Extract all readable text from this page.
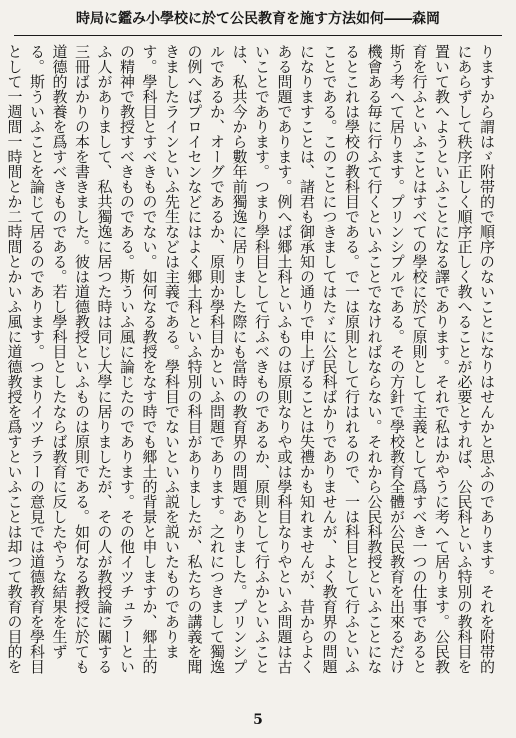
時局に鑑み小學校に於て公民教育を施す方法如何――森岡

りますから謂はゞ附帯的で順序のないことになりはせんかと思ふのであります。それを附帯的にあらずして秩序正しく順序正しく教へることが必要とすれば、公民科といふ特別の教科目を置いて教へようといふことになる譯であります。それで私はかやうに考へて居ります。公民教育を行ふといふことはすべての學校に於て原則として主義として爲すべき一つの仕事であると斯う考へて居ります。プリンシプルである。その方針で學校教育全體が公民教育を出來るだけ機會ある毎に行ふて行くといふことでなければならない。それから公民科教授といふことになるとこれは學校の教科目である。で一は原則として行はれるので、一は科目として行ふといふことである。このことにつきましてはたゞに公民科ばかりでありませんが、よく教育界の問題になりますことは、諸君も御承知の通りで申上げることは失禮かも知れませんが、昔からよくある問題であります。例へば郷土科といふものは原則なりや或は學科目なりやといふ問題は古いことであります。つまり學科目として行ふべきものであるか、原則として行ふかといふことは、私共今から數年前獨逸に居りました際にも當時の教育界の問題でありました。プリンシプルであるか、オーグであるか、原則か學科目かといふ問題であります。之れにつきまして獨逸の例へばプロイセンなどにはよく郷土科といふ特別の科目がありましたが、私たちの講義を聞きましたラインといふ先生などは主義である。學科目でないといふ説を説いたものであります。學科目とすべきものでない。如何なる教授をなす時でも郷土的背景と申しますか、郷土的の精神で教授すべきものである。斯ういふ風に論じたのであります。その他イツチュラーといふ人がありまして、私共獨逸に居つた時は同じ大學に居りましたが、その人が教授論に關する三冊ばかりの本を書きました。彼は道德教授といふものは原則である。如何なる教授に於ても道德的教養を爲すべきものである。若し學科目としたならば教育に反したやうな結果を生ずる。斯ういふことを論じて居るのであります。つまりイツチラーの意見では道德教育を學科目として一週間一時間とか二時間とかいふ風に道德教授を爲すといふことは却つて教育の目的を

5
